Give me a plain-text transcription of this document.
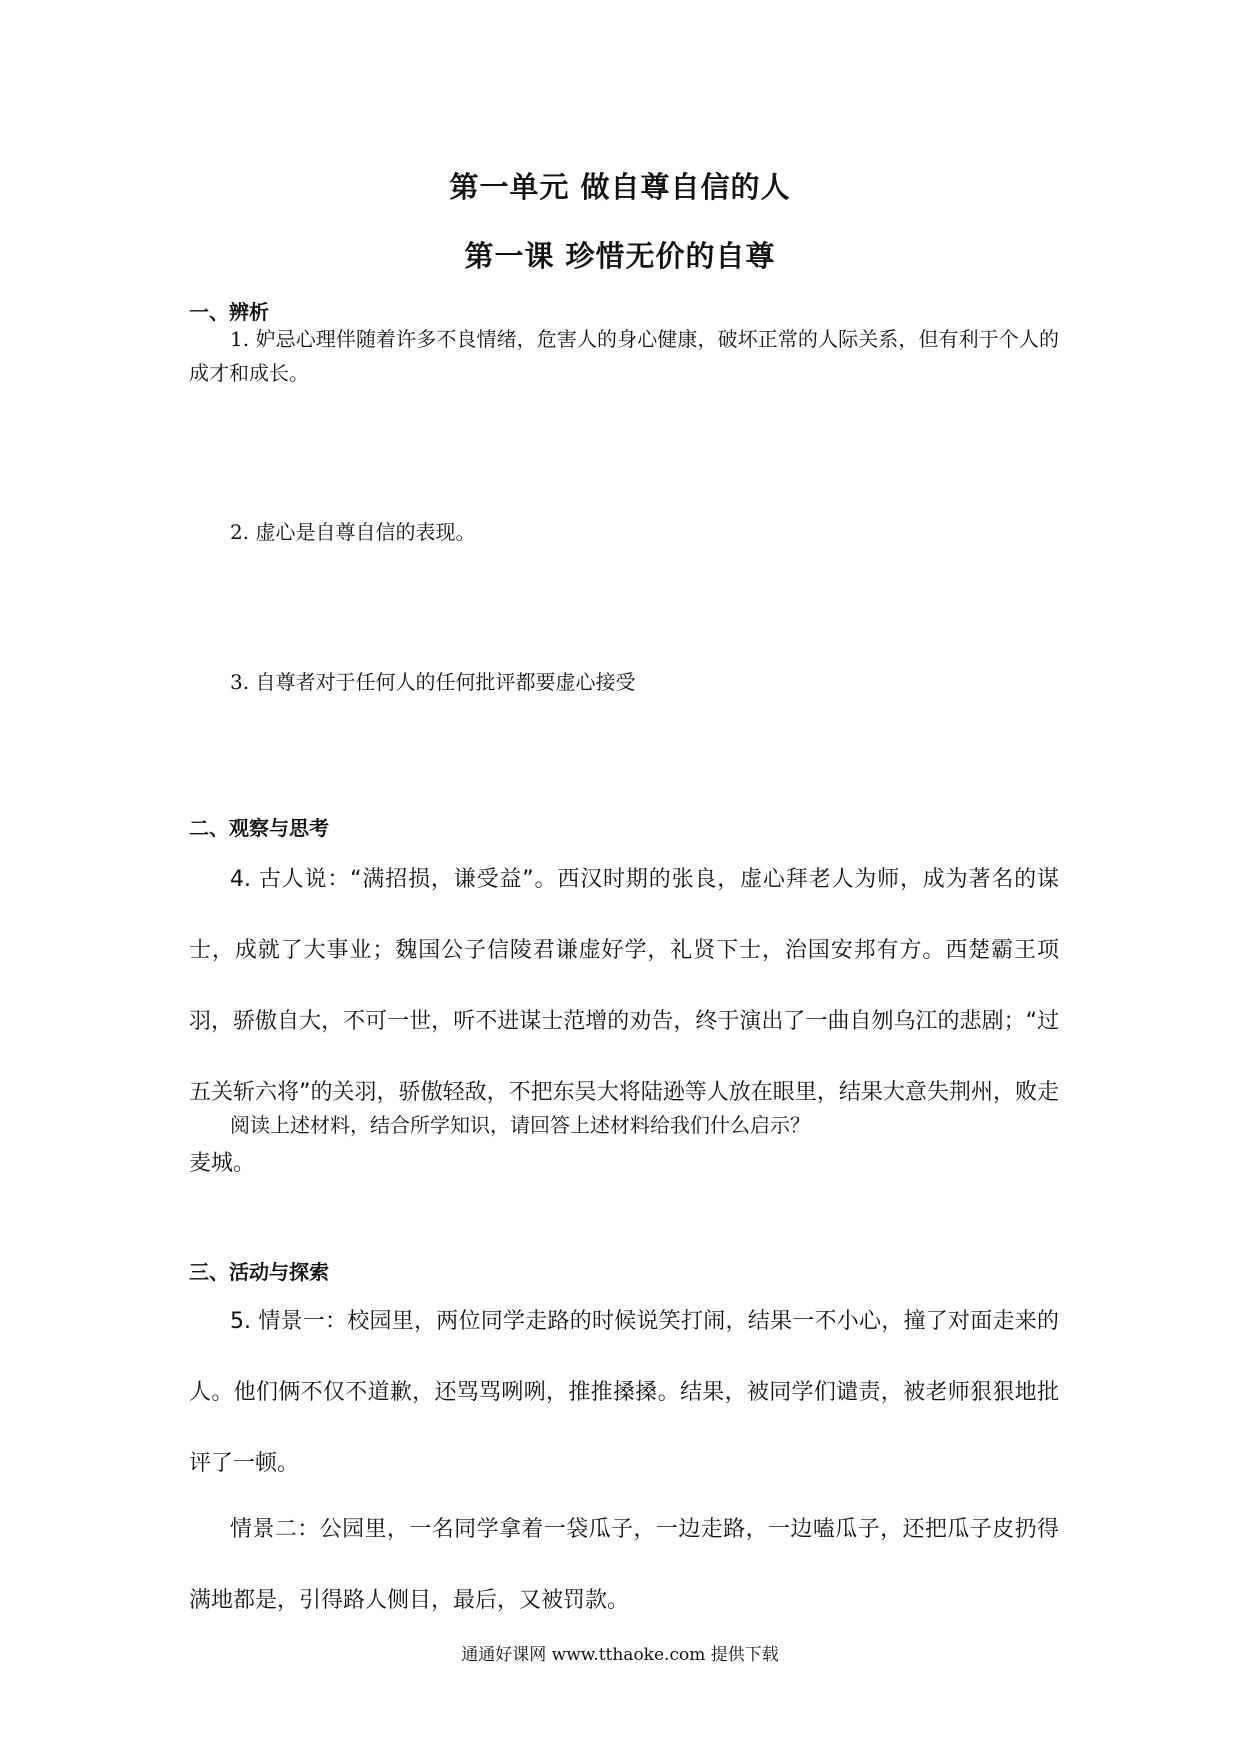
第一单元 做自尊自信的人
第一课 珍惜无价的自尊
一、辨析

1. 妒忌心理伴随着许多不良情绪，危害人的身心健康，破坏正常的人际关系，但有利于个人的成才和成长。

2. 虚心是自尊自信的表现。

3. 自尊者对于任何人的任何批评都要虚心接受

二、观察与思考

4. 古人说：“满招损，谦受益”。西汉时期的张良，虚心拜老人为师，成为著名的谋士，成就了大事业；魏国公子信陵君谦虚好学，礼贤下士，治国安邦有方。西楚霸王项羽，骄傲自大，不可一世，听不进谋士范增的劝告，终于演出了一曲自刎乌江的悲剧；“过五关斩六将”的关羽，骄傲轻敌，不把东吴大将陆逊等人放在眼里，结果大意失荆州，败走麦城。

阅读上述材料，结合所学知识，请回答上述材料给我们什么启示？

三、活动与探索

5. 情景一：校园里，两位同学走路的时候说笑打闹，结果一不小心，撞了对面走来的人。他们俩不仅不道歉，还骂骂咧咧，推推搡搡。结果，被同学们谴责，被老师狠狠地批评了一顿。

情景二：公园里，一名同学拿着一袋瓜子，一边走路，一边嗑瓜子，还把瓜子皮扔得满地都是，引得路人侧目，最后，又被罚款。

通通好课网 www.tthaoke.com 提供下载
